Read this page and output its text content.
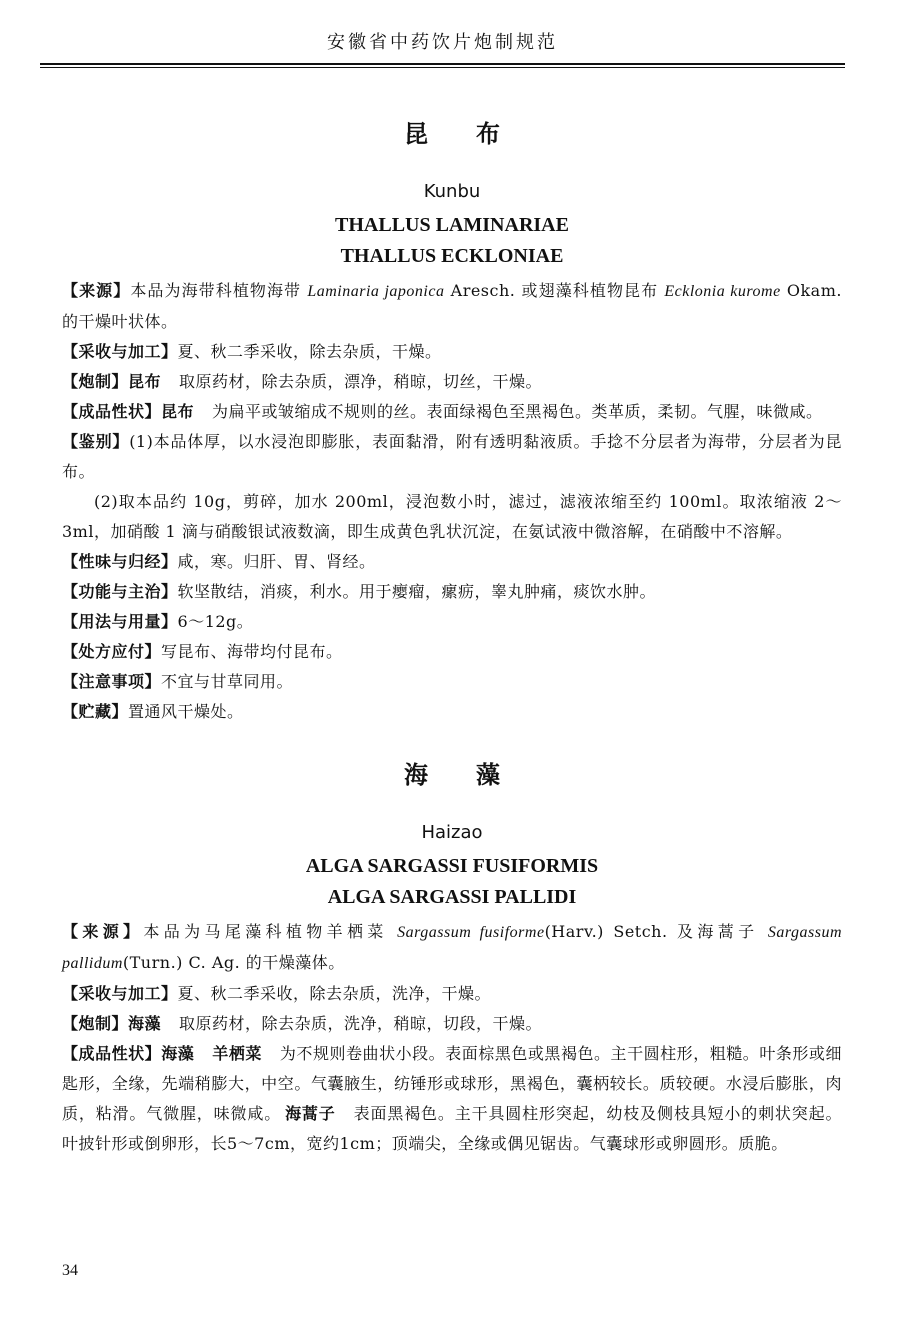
安徽省中药饮片炮制规范
昆布
Kunbu
THALLUS LAMINARIAE
THALLUS ECKLONIAE

【来源】本品为海带科植物海带 Laminaria japonica Aresch. 或翅藻科植物昆布 Ecklonia kurome Okam. 的干燥叶状体。

【采收与加工】夏、秋二季采收，除去杂质，干燥。

【炮制】昆布 取原药材，除去杂质，漂净，稍晾，切丝，干燥。

【成品性状】昆布 为扁平或皱缩成不规则的丝。表面绿褐色至黑褐色。类革质，柔韧。气腥，味微咸。

【鉴别】(1)本品体厚，以水浸泡即膨胀，表面黏滑，附有透明黏液质。手捻不分层者为海带，分层者为昆布。

(2)取本品约 10g，剪碎，加水 200ml，浸泡数小时，滤过，滤液浓缩至约 100ml。取浓缩液 2～3ml，加硝酸 1 滴与硝酸银试液数滴，即生成黄色乳状沉淀，在氨试液中微溶解，在硝酸中不溶解。

【性味与归经】咸，寒。归肝、胃、肾经。

【功能与主治】软坚散结，消痰，利水。用于瘿瘤，瘰疬，睾丸肿痛，痰饮水肿。

【用法与用量】6～12g。

【处方应付】写昆布、海带均付昆布。

【注意事项】不宜与甘草同用。

【贮藏】置通风干燥处。

海藻
Haizao
ALGA SARGASSI FUSIFORMIS
ALGA SARGASSI PALLIDI

【来源】本品为马尾藻科植物羊栖菜 Sargassum fusiforme(Harv.) Setch. 及海蒿子 Sargassum pallidum(Turn.) C. Ag. 的干燥藻体。

【采收与加工】夏、秋二季采收，除去杂质，洗净，干燥。

【炮制】海藻 取原药材，除去杂质，洗净，稍晾，切段，干燥。

【成品性状】海藻 羊栖菜 为不规则卷曲状小段。表面棕黑色或黑褐色。主干圆柱形，粗糙。叶条形或细匙形，全缘，先端稍膨大，中空。气囊腋生，纺锤形或球形，黑褐色，囊柄较长。质较硬。水浸后膨胀，肉质，粘滑。气微腥，味微咸。 海蒿子 表面黑褐色。主干具圆柱形突起，幼枝及侧枝具短小的刺状突起。叶披针形或倒卵形，长5～7cm，宽约1cm；顶端尖，全缘或偶见锯齿。气囊球形或卵圆形。质脆。

34
